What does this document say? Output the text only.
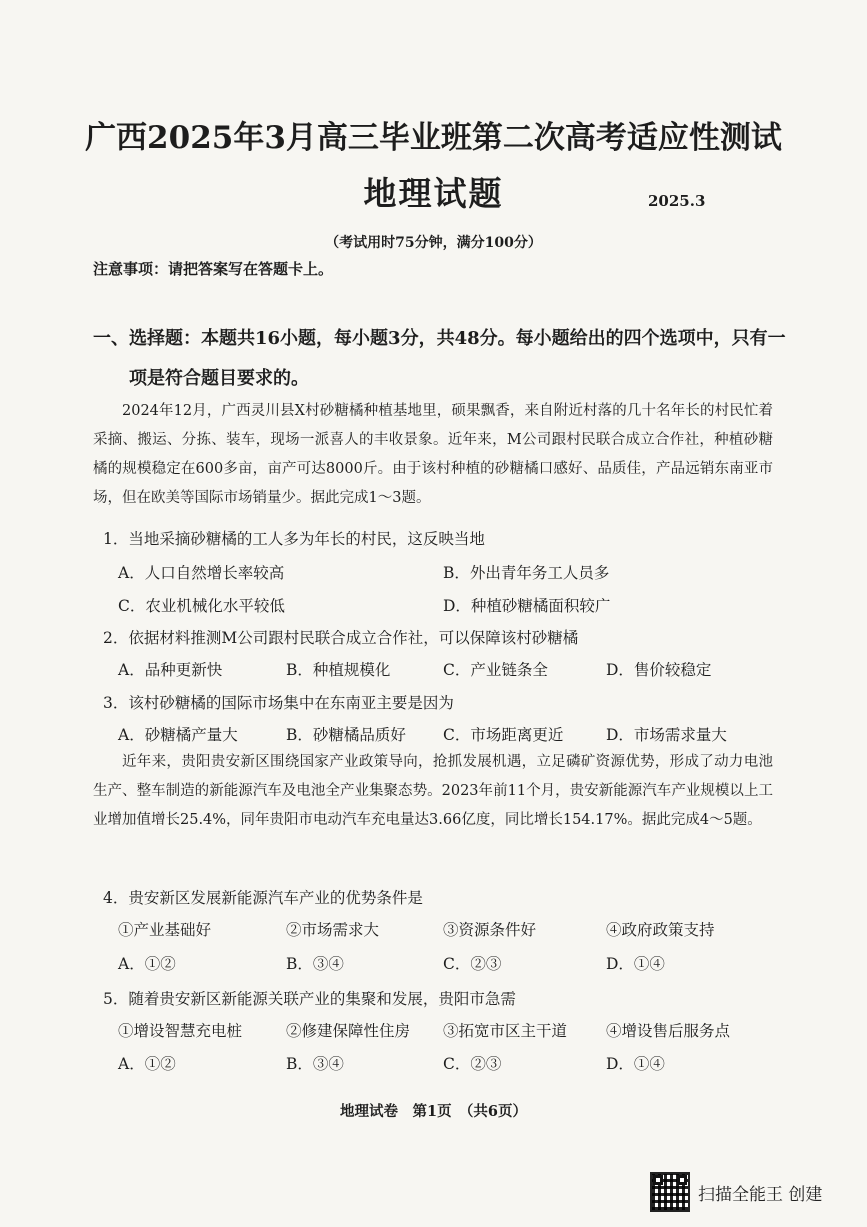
广西2025年3月高三毕业班第二次高考适应性测试
地理试题	2025.3
（考试用时75分钟，满分100分）
注意事项：请把答案写在答题卡上。
一、选择题：本题共16小题，每小题3分，共48分。每小题给出的四个选项中，只有一
项是符合题目要求的。
2024年12月，广西灵川县X村砂糖橘种植基地里，硕果飘香，来自附近村落的几十名年长的村民忙着采摘、搬运、分拣、装车，现场一派喜人的丰收景象。近年来，M公司跟村民联合成立合作社，种植砂糖橘的规模稳定在600多亩，亩产可达8000斤。由于该村种植的砂糖橘口感好、品质佳，产品远销东南亚市场，但在欧美等国际市场销量少。据此完成1～3题。
1．当地采摘砂糖橘的工人多为年长的村民，这反映当地
A．人口自然增长率较高	B．外出青年务工人员多
C．农业机械化水平较低	D．种植砂糖橘面积较广
2．依据材料推测M公司跟村民联合成立合作社，可以保障该村砂糖橘
A．品种更新快	B．种植规模化	C．产业链条全	D．售价较稳定
3．该村砂糖橘的国际市场集中在东南亚主要是因为
A．砂糖橘产量大	B．砂糖橘品质好 C．市场距离更近	D．市场需求量大
近年来，贵阳贵安新区围绕国家产业政策导向，抢抓发展机遇，立足磷矿资源优势，形成了动力电池生产、整车制造的新能源汽车及电池全产业集聚态势。2023年前11个月，贵安新能源汽车产业规模以上工业增加值增长25.4%，同年贵阳市电动汽车充电量达3.66亿度，同比增长154.17%。据此完成4～5题。
4．贵安新区发展新能源汽车产业的优势条件是
①产业基础好	②市场需求大	③资源条件好	④政府政策支持
A．①②	B．③④	C．②③	D．①④
5．随着贵安新区新能源关联产业的集聚和发展，贵阳市急需
①增设智慧充电桩	②修建保障性住房 ③拓宽市区主干道	④增设售后服务点
A．①②	B．③④	C．②③	D．①④
地理试卷　第1页　（共6页）
扫描全能王 创建
